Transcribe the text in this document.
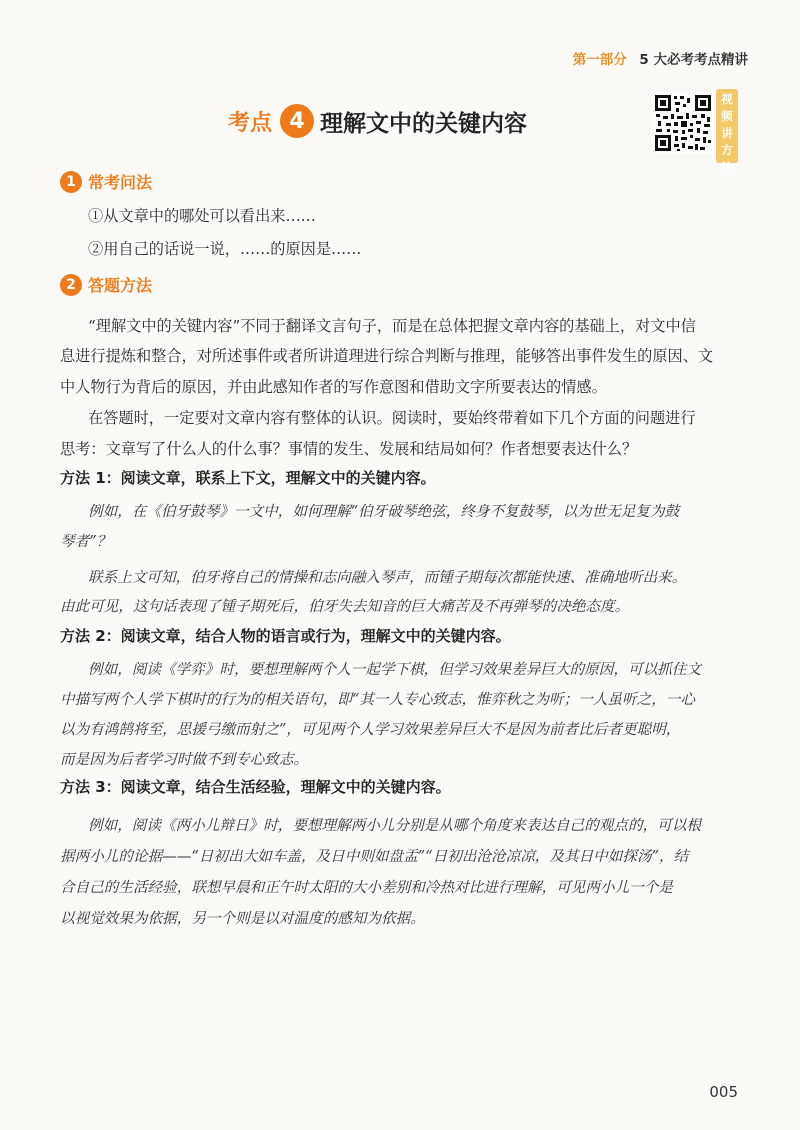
第一部分 5 大必考考点精讲
考点 4 理解文中的关键内容
视频讲方法
1 常考问法
①从文章中的哪处可以看出来……
②用自己的话说一说，……的原因是……
2 答题方法
“理解文中的关键内容”不同于翻译文言句子，而是在总体把握文章内容的基础上，对文中信
息进行提炼和整合，对所述事件或者所讲道理进行综合判断与推理，能够答出事件发生的原因、文
中人物行为背后的原因，并由此感知作者的写作意图和借助文字所要表达的情感。
在答题时，一定要对文章内容有整体的认识。阅读时，要始终带着如下几个方面的问题进行
思考：文章写了什么人的什么事？事情的发生、发展和结局如何？作者想要表达什么？
方法 1：阅读文章，联系上下文，理解文中的关键内容。
例如，在《伯牙鼓琴》一文中，如何理解“伯牙破琴绝弦，终身不复鼓琴，以为世无足复为鼓
琴者”？
联系上文可知，伯牙将自己的情操和志向融入琴声，而锺子期每次都能快速、准确地听出来。
由此可见，这句话表现了锺子期死后，伯牙失去知音的巨大痛苦及不再弹琴的决绝态度。
方法 2：阅读文章，结合人物的语言或行为，理解文中的关键内容。
例如，阅读《学弈》时，要想理解两个人一起学下棋，但学习效果差异巨大的原因，可以抓住文
中描写两个人学下棋时的行为的相关语句，即“其一人专心致志，惟弈秋之为听；一人虽听之，一心
以为有鸿鹄将至，思援弓缴而射之”，可见两个人学习效果差异巨大不是因为前者比后者更聪明，
而是因为后者学习时做不到专心致志。
方法 3：阅读文章，结合生活经验，理解文中的关键内容。
例如，阅读《两小儿辩日》时，要想理解两小儿分别是从哪个角度来表达自己的观点的，可以根
据两小儿的论据——“日初出大如车盖，及日中则如盘盂”“日初出沧沧凉凉，及其日中如探汤”，结
合自己的生活经验，联想早晨和正午时太阳的大小差别和冷热对比进行理解，可见两小儿一个是
以视觉效果为依据，另一个则是以对温度的感知为依据。
005
